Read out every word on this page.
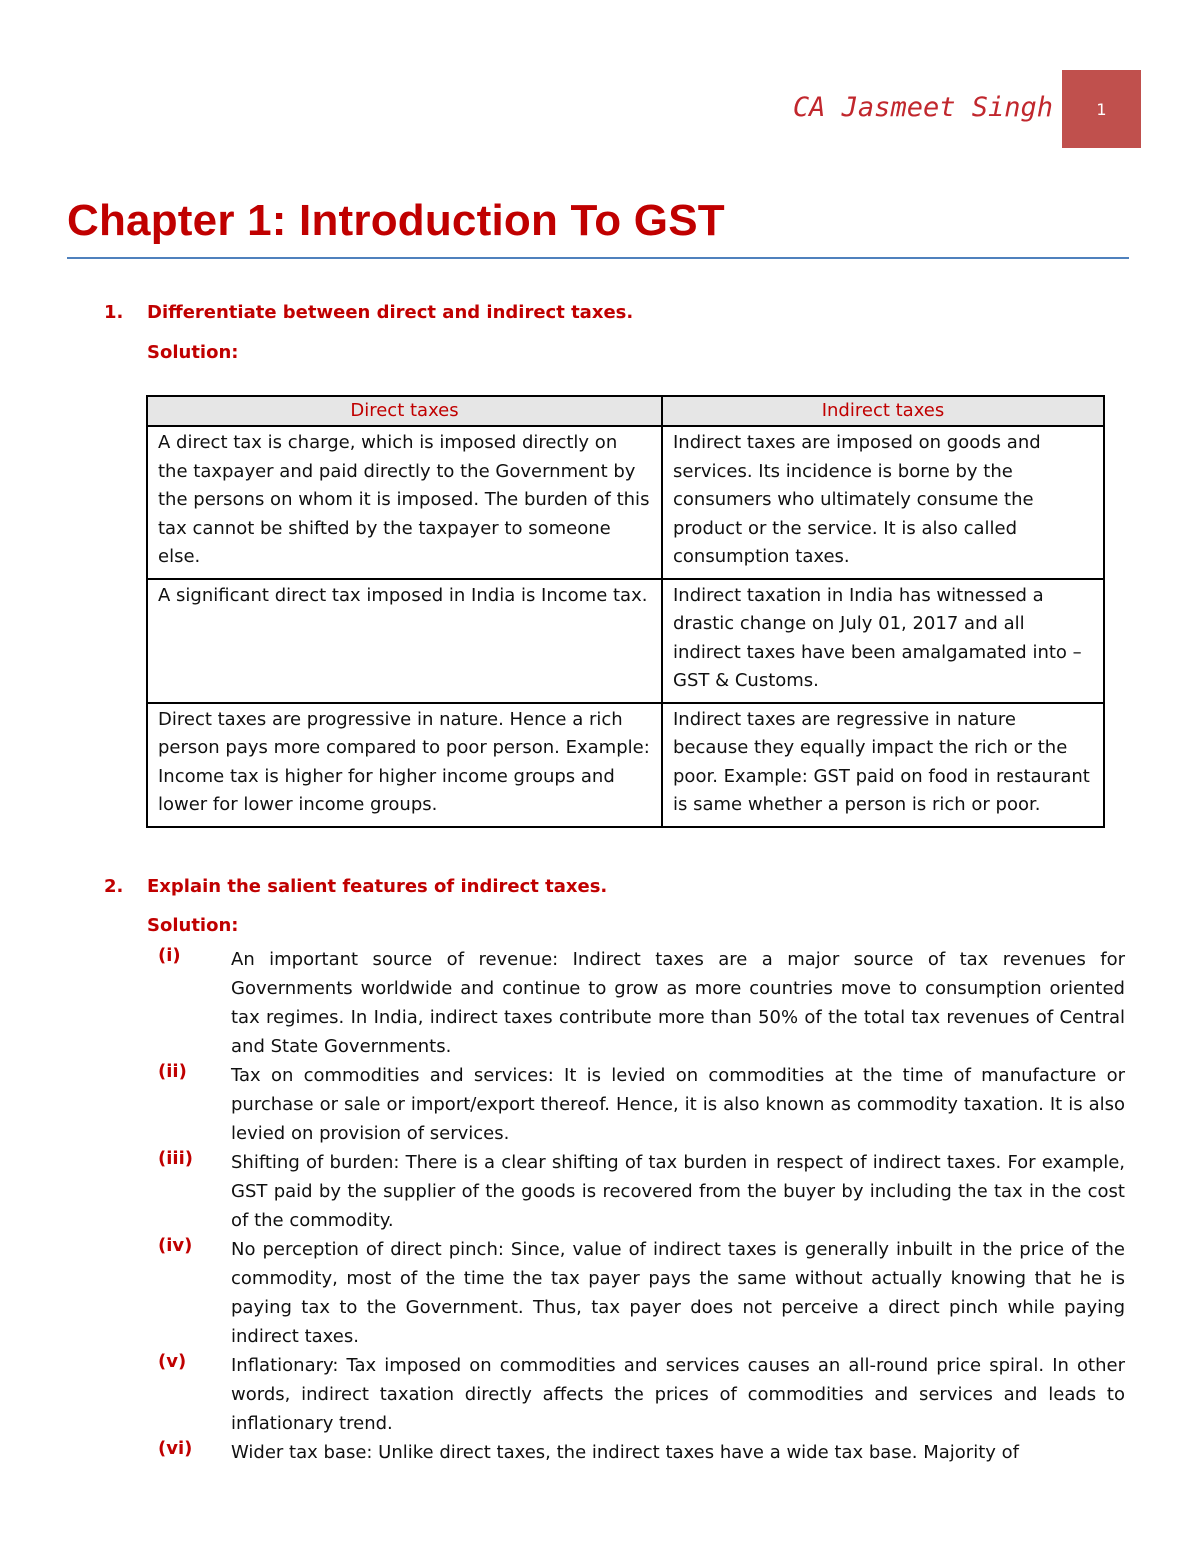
CA Jasmeet Singh	1
Chapter 1: Introduction To GST
1. Differentiate between direct and indirect taxes.
Solution:
Direct taxes	Indirect taxes
A direct tax is charge, which is imposed directly on the taxpayer and paid directly to the Government by the persons on whom it is imposed. The burden of this tax cannot be shifted by the taxpayer to someone else.	Indirect taxes are imposed on goods and services. Its incidence is borne by the consumers who ultimately consume the product or the service. It is also called consumption taxes.
A significant direct tax imposed in India is Income tax.	Indirect taxation in India has witnessed a drastic change on July 01, 2017 and all indirect taxes have been amalgamated into – GST & Customs.
Direct taxes are progressive in nature. Hence a rich person pays more compared to poor person. Example: Income tax is higher for higher income groups and lower for lower income groups.	Indirect taxes are regressive in nature because they equally impact the rich or the poor. Example: GST paid on food in restaurant is same whether a person is rich or poor.
2. Explain the salient features of indirect taxes.
Solution:
(i)	An important source of revenue: Indirect taxes are a major source of tax revenues for Governments worldwide and continue to grow as more countries move to consumption oriented tax regimes. In India, indirect taxes contribute more than 50% of the total tax revenues of Central and State Governments.
(ii) Tax on commodities and services: It is levied on commodities at the time of manufacture or purchase or sale or import/export thereof. Hence, it is also known as commodity taxation. It is also levied on provision of services.
(iii) Shifting of burden: There is a clear shifting of tax burden in respect of indirect taxes. For example, GST paid by the supplier of the goods is recovered from the buyer by including the tax in the cost of the commodity.
(iv) No perception of direct pinch: Since, value of indirect taxes is generally inbuilt in the price of the commodity, most of the time the tax payer pays the same without actually knowing that he is paying tax to the Government. Thus, tax payer does not perceive a direct pinch while paying indirect taxes.
(v) Inflationary: Tax imposed on commodities and services causes an all-round price spiral. In other words, indirect taxation directly affects the prices of commodities and services and leads to inflationary trend.
(vi) Wider tax base: Unlike direct taxes, the indirect taxes have a wide tax base. Majority of
